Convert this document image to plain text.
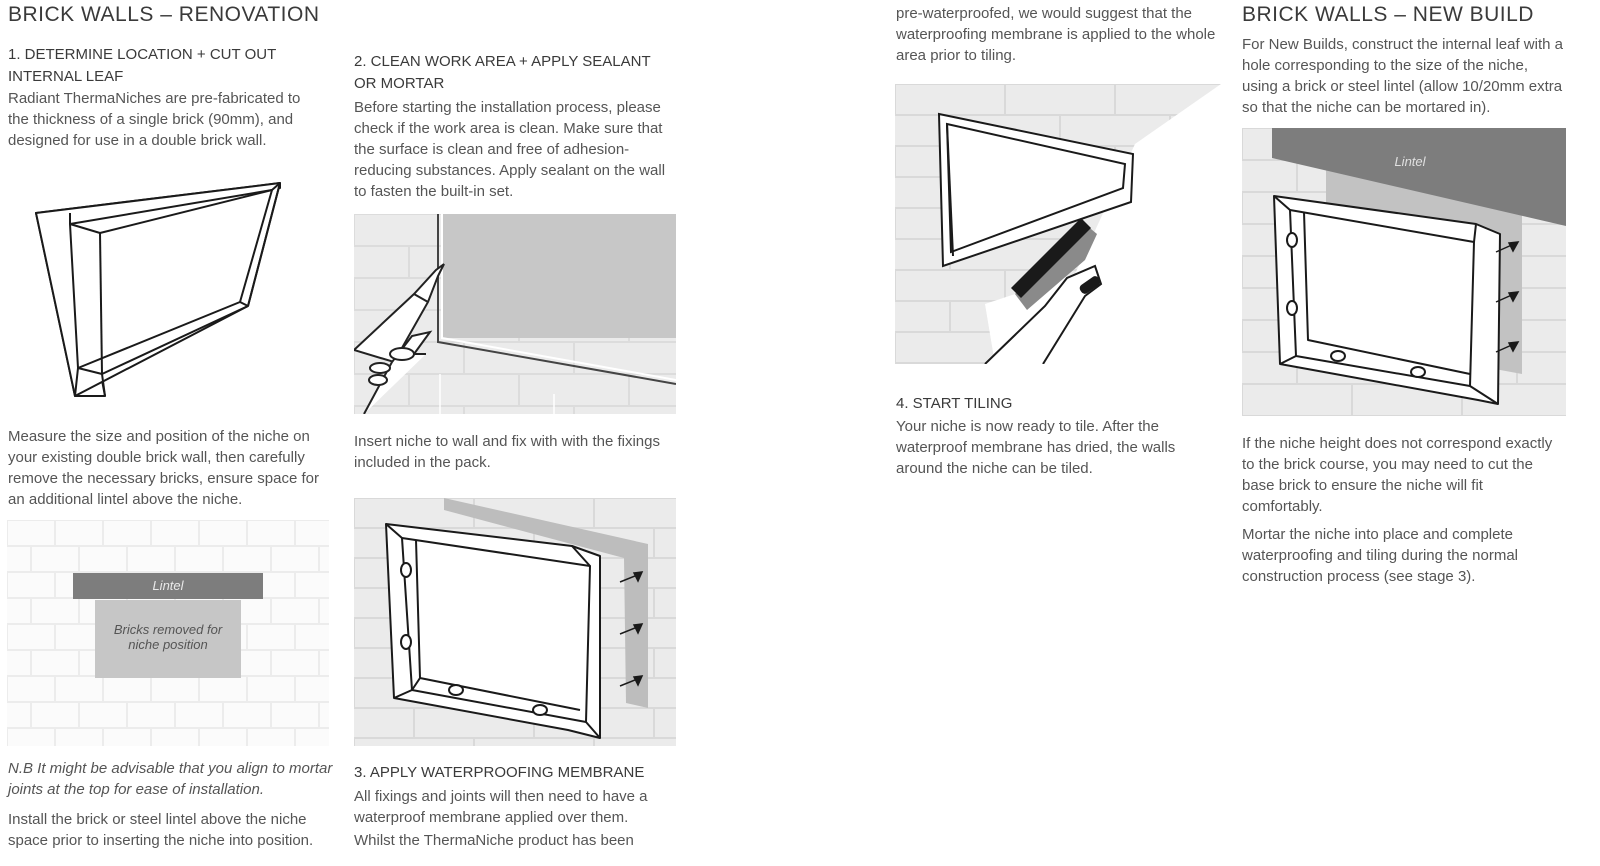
BRICK WALLS – RENOVATION
1. DETERMINE LOCATION + CUT OUT
INTERNAL LEAF

Radiant ThermaNiches are pre-fabricated to the thickness of a single brick (90mm), and designed for use in a double brick wall.

Measure the size and position of the niche on your existing double brick wall, then carefully remove the necessary bricks, ensure space for an additional lintel above the niche.

Lintel
Bricks removed for
niche position

N.B It might be advisable that you align to mortar joints at the top for ease of installation.

Install the brick or steel lintel above the niche space prior to inserting the niche into position.

2. CLEAN WORK AREA + APPLY SEALANT
OR MORTAR

Before starting the installation process, please check if the work area is clean. Make sure that the surface is clean and free of adhesion-reducing substances. Apply sealant on the wall to fasten the built-in set.

Insert niche to wall and fix with with the fixings included in the pack.

3. APPLY WATERPROOFING MEMBRANE

All fixings and joints will then need to have a waterproof membrane applied over them.

Whilst the ThermaNiche product has been

pre-waterproofed, we would suggest that the waterproofing membrane is applied to the whole area prior to tiling.

4. START TILING

Your niche is now ready to tile. After the waterproof membrane has dried, the walls around the niche can be tiled.

BRICK WALLS – NEW BUILD

For New Builds, construct the internal leaf with a hole corresponding to the size of the niche, using a brick or steel lintel (allow 10/20mm extra so that the niche can be mortared in).

Lintel

If the niche height does not correspond exactly to the brick course, you may need to cut the base brick to ensure the niche will fit comfortably.

Mortar the niche into place and complete waterproofing and tiling during the normal construction process (see stage 3).
